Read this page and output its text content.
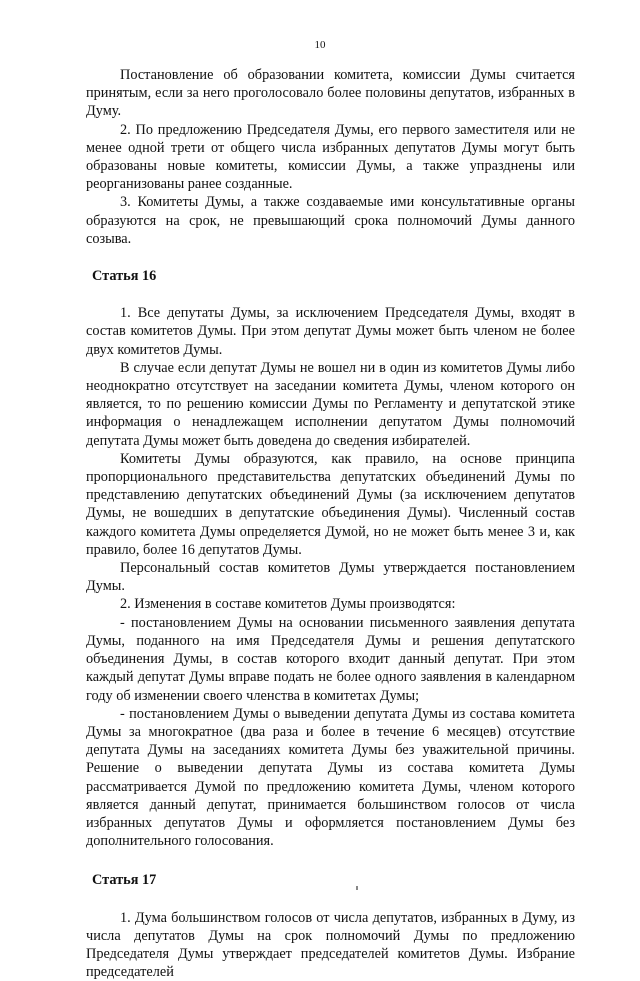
10

Постановление об образовании комитета, комиссии Думы считается принятым, если за него проголосовало более половины депутатов, избранных в Думу.

2. По предложению Председателя Думы, его первого заместителя или не менее одной трети от общего числа избранных депутатов Думы могут быть образованы новые комитеты, комиссии Думы, а также упразднены или реорганизованы ранее созданные.

3. Комитеты Думы, а также создаваемые ими консультативные органы образуются на срок, не превышающий срока полномочий Думы данного созыва.

Статья 16

1. Все депутаты Думы, за исключением Председателя Думы, входят в состав комитетов Думы. При этом депутат Думы может быть членом не более двух комитетов Думы.

В случае если депутат Думы не вошел ни в один из комитетов Думы либо неоднократно отсутствует на заседании комитета Думы, членом которого он является, то по решению комиссии Думы по Регламенту и депутатской этике информация о ненадлежащем исполнении депутатом Думы полномочий депутата Думы может быть доведена до сведения избирателей.

Комитеты Думы образуются, как правило, на основе принципа пропорционального представительства депутатских объединений Думы по представлению депутатских объединений Думы (за исключением депутатов Думы, не вошедших в депутатские объединения Думы). Численный состав каждого комитета Думы определяется Думой, но не может быть менее 3 и, как правило, более 16 депутатов Думы.

Персональный состав комитетов Думы утверждается постановлением Думы.

2. Изменения в составе комитетов Думы производятся:

- постановлением Думы на основании письменного заявления депутата Думы, поданного на имя Председателя Думы и решения депутатского объединения Думы, в состав которого входит данный депутат. При этом каждый депутат Думы вправе подать не более одного заявления в календарном году об изменении своего членства в комитетах Думы;

- постановлением Думы о выведении депутата Думы из состава комитета Думы за многократное (два раза и более в течение 6 месяцев) отсутствие депутата Думы на заседаниях комитета Думы без уважительной причины. Решение о выведении депутата Думы из состава комитета Думы рассматривается Думой по предложению комитета Думы, членом которого является данный депутат, принимается большинством голосов от числа избранных депутатов Думы и оформляется постановлением Думы без дополнительного голосования.

Статья 17

1. Дума большинством голосов от числа депутатов, избранных в Думу, из числа депутатов Думы на срок полномочий Думы по предложению Председателя Думы утверждает председателей комитетов Думы. Избрание председателей
